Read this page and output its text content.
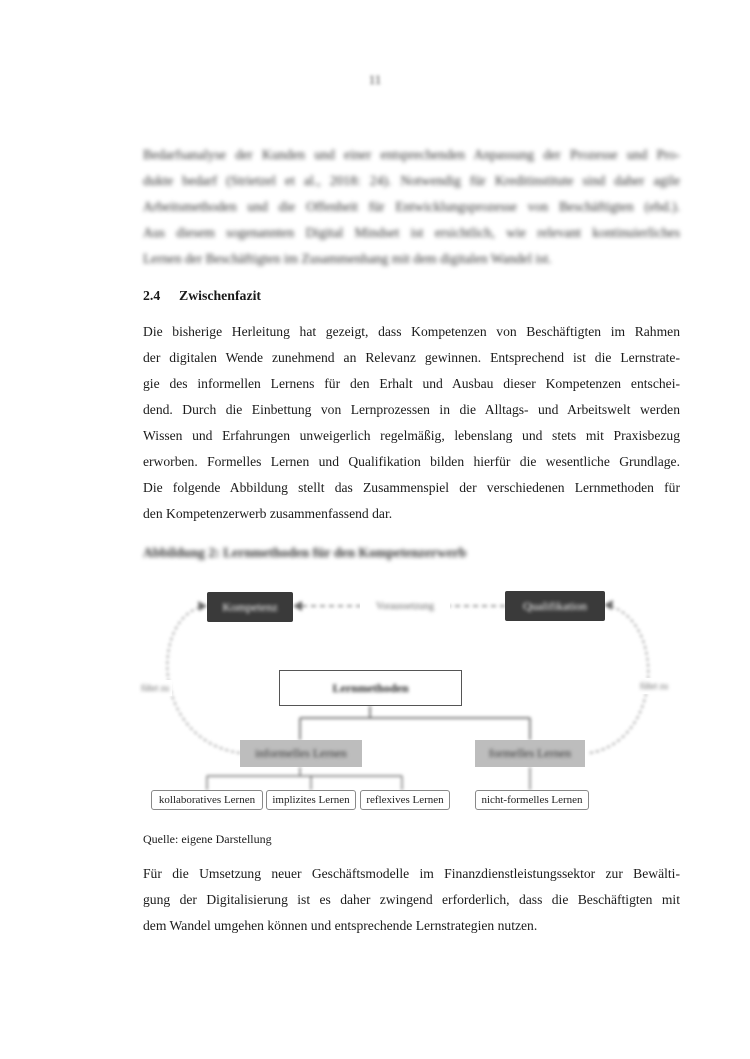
11
Bedarfsanalyse der Kunden und einer entsprechenden Anpassung der Prozesse und Pro-
dukte bedarf (Strietzel et al., 2018: 24). Notwendig für Kreditinstitute sind daher agile
Arbeitsmethoden und die Offenheit für Entwicklungsprozesse von Beschäftigten (ebd.).
Aus diesem sogenannten Digital Mindset ist ersichtlich, wie relevant kontinuierliches
Lernen der Beschäftigten im Zusammenhang mit dem digitalen Wandel ist.
2.4 Zwischenfazit
Die bisherige Herleitung hat gezeigt, dass Kompetenzen von Beschäftigten im Rahmen
der digitalen Wende zunehmend an Relevanz gewinnen. Entsprechend ist die Lernstrate-
gie des informellen Lernens für den Erhalt und Ausbau dieser Kompetenzen entschei-
dend. Durch die Einbettung von Lernprozessen in die Alltags- und Arbeitswelt werden
Wissen und Erfahrungen unweigerlich regelmäßig, lebenslang und stets mit Praxisbezug
erworben. Formelles Lernen und Qualifikation bilden hierfür die wesentliche Grundlage.
Die folgende Abbildung stellt das Zusammenspiel der verschiedenen Lernmethoden für
den Kompetenzerwerb zusammenfassend dar.
Abbildung 2: Lernmethoden für den Kompetenzerwerb
Kompetenz	Qualifikation
Voraussetzung
führt zu	führt zu
Lernmethoden
informelles Lernen	formelles Lernen
kollaboratives Lernen implizites Lernen reflexives Lernen	nicht-formelles Lernen
Quelle: eigene Darstellung
Für die Umsetzung neuer Geschäftsmodelle im Finanzdienstleistungssektor zur Bewälti-
gung der Digitalisierung ist es daher zwingend erforderlich, dass die Beschäftigten mit
dem Wandel umgehen können und entsprechende Lernstrategien nutzen.
